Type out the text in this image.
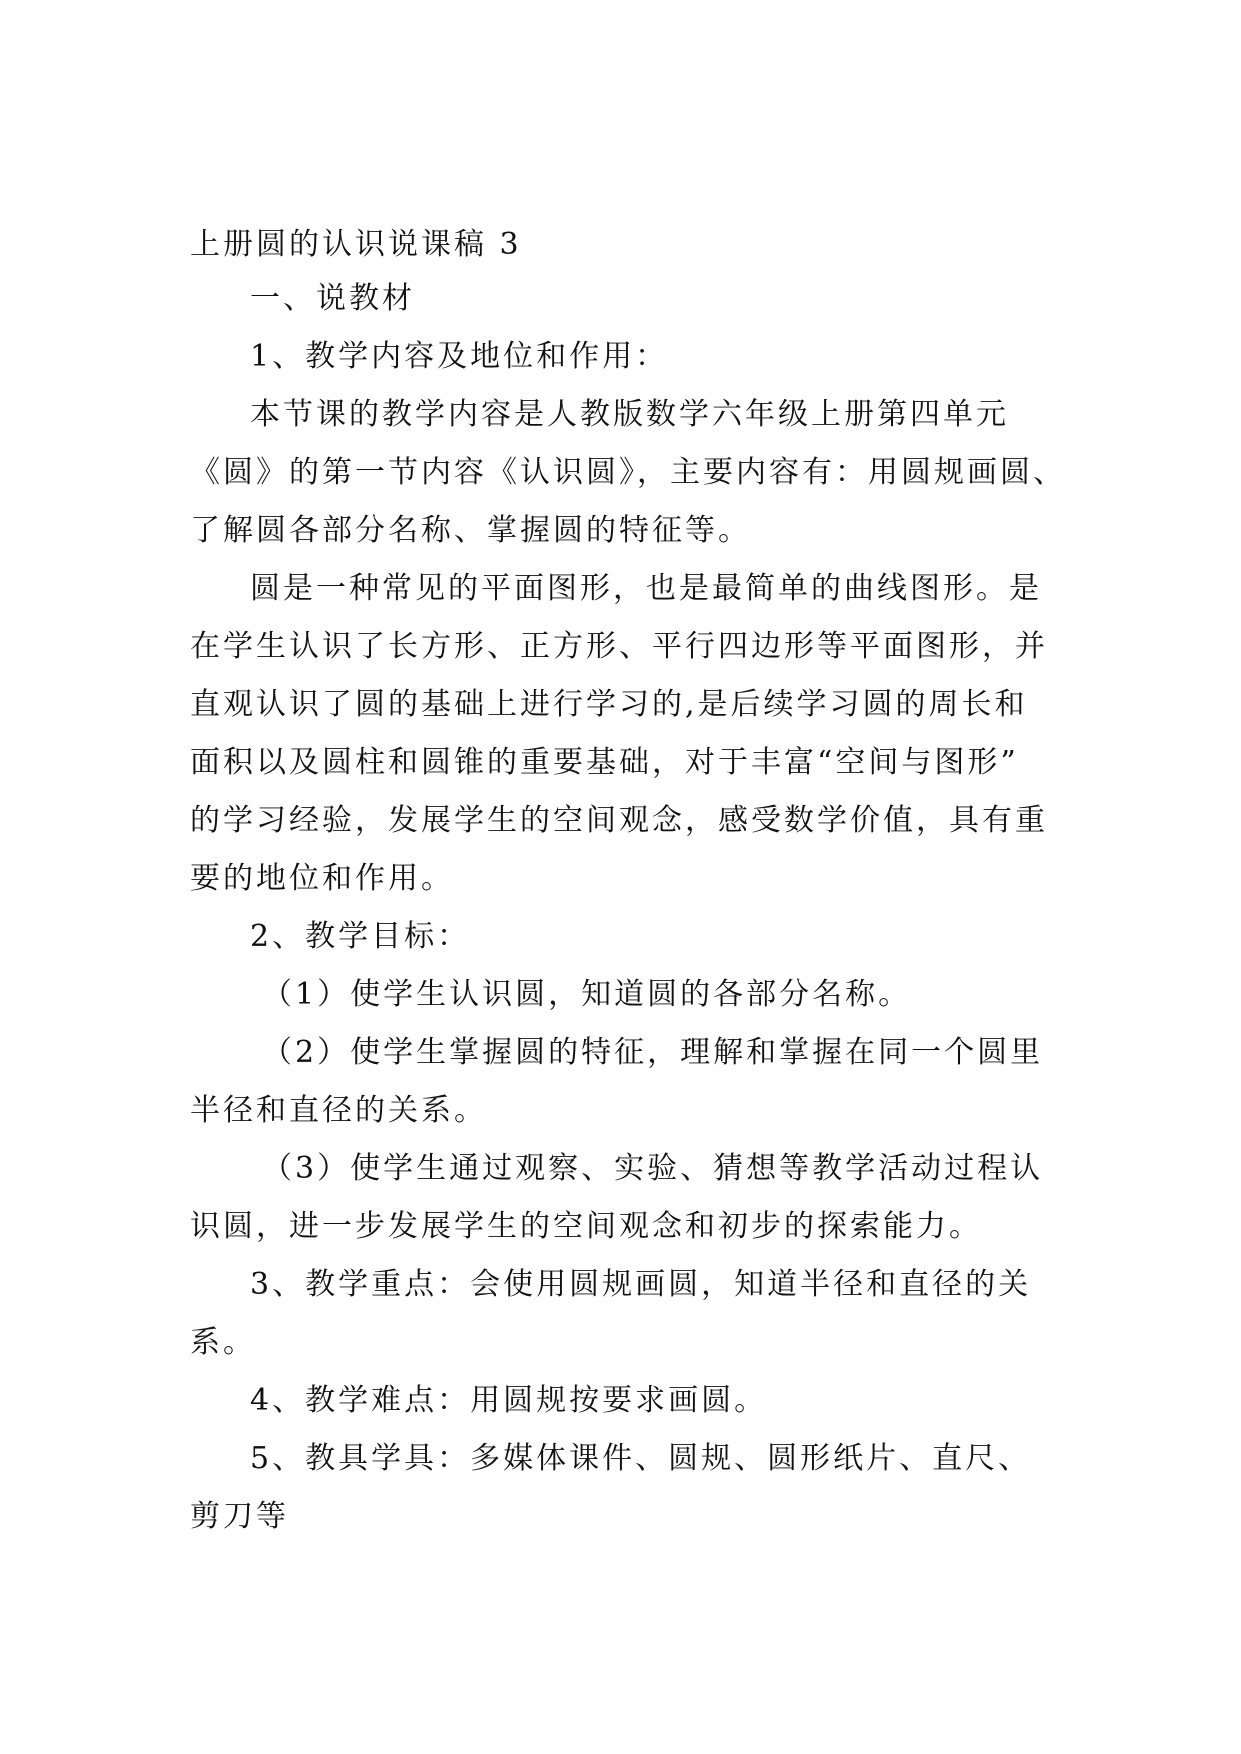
上册圆的认识说课稿 3
一、说教材
1、教学内容及地位和作用：
本节课的教学内容是人教版数学六年级上册第四单元
《圆》的第一节内容《认识圆》，主要内容有：用圆规画圆、
了解圆各部分名称、掌握圆的特征等。
圆是一种常见的平面图形，也是最简单的曲线图形。是
在学生认识了长方形、正方形、平行四边形等平面图形，并
直观认识了圆的基础上进行学习的,是后续学习圆的周长和
面积以及圆柱和圆锥的重要基础，对于丰富“空间与图形”
的学习经验，发展学生的空间观念，感受数学价值，具有重
要的地位和作用。
2、教学目标：
（1）使学生认识圆，知道圆的各部分名称。
（2）使学生掌握圆的特征，理解和掌握在同一个圆里
半径和直径的关系。
（3）使学生通过观察、实验、猜想等教学活动过程认
识圆，进一步发展学生的空间观念和初步的探索能力。
3、教学重点：会使用圆规画圆，知道半径和直径的关
系。
4、教学难点：用圆规按要求画圆。
5、教具学具：多媒体课件、圆规、圆形纸片、直尺、
剪刀等
